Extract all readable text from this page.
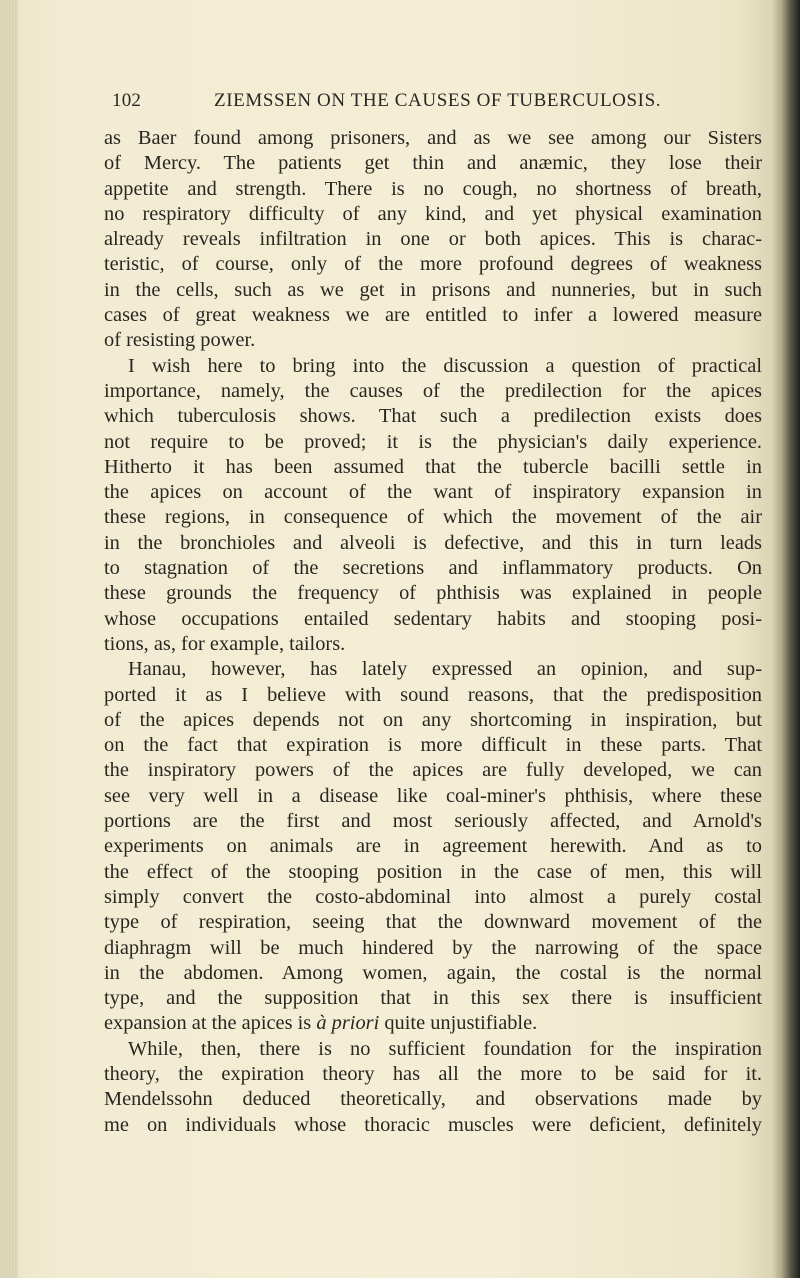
102	ZIEMSSEN ON THE CAUSES OF TUBERCULOSIS.
as Baer found among prisoners, and as we see among our Sisters
of Mercy. The patients get thin and anæmic, they lose their
appetite and strength. There is no cough, no shortness of breath,
no respiratory difficulty of any kind, and yet physical examination
already reveals infiltration in one or both apices. This is charac-
teristic, of course, only of the more profound degrees of weakness
in the cells, such as we get in prisons and nunneries, but in such
cases of great weakness we are entitled to infer a lowered measure
of resisting power.
I wish here to bring into the discussion a question of practical
importance, namely, the causes of the predilection for the apices
which tuberculosis shows. That such a predilection exists does
not require to be proved; it is the physician's daily experience.
Hitherto it has been assumed that the tubercle bacilli settle in
the apices on account of the want of inspiratory expansion in
these regions, in consequence of which the movement of the air
in the bronchioles and alveoli is defective, and this in turn leads
to stagnation of the secretions and inflammatory products. On
these grounds the frequency of phthisis was explained in people
whose occupations entailed sedentary habits and stooping posi-
tions, as, for example, tailors.
Hanau, however, has lately expressed an opinion, and sup-
ported it as I believe with sound reasons, that the predisposition
of the apices depends not on any shortcoming in inspiration, but
on the fact that expiration is more difficult in these parts. That
the inspiratory powers of the apices are fully developed, we can
see very well in a disease like coal-miner's phthisis, where these
portions are the first and most seriously affected, and Arnold's
experiments on animals are in agreement herewith. And as to
the effect of the stooping position in the case of men, this will
simply convert the costo-abdominal into almost a purely costal
type of respiration, seeing that the downward movement of the
diaphragm will be much hindered by the narrowing of the space
in the abdomen. Among women, again, the costal is the normal
type, and the supposition that in this sex there is insufficient
expansion at the apices is à priori quite unjustifiable.
While, then, there is no sufficient foundation for the inspiration
theory, the expiration theory has all the more to be said for it.
Mendelssohn deduced theoretically, and observations made by
me on individuals whose thoracic muscles were deficient, definitely
